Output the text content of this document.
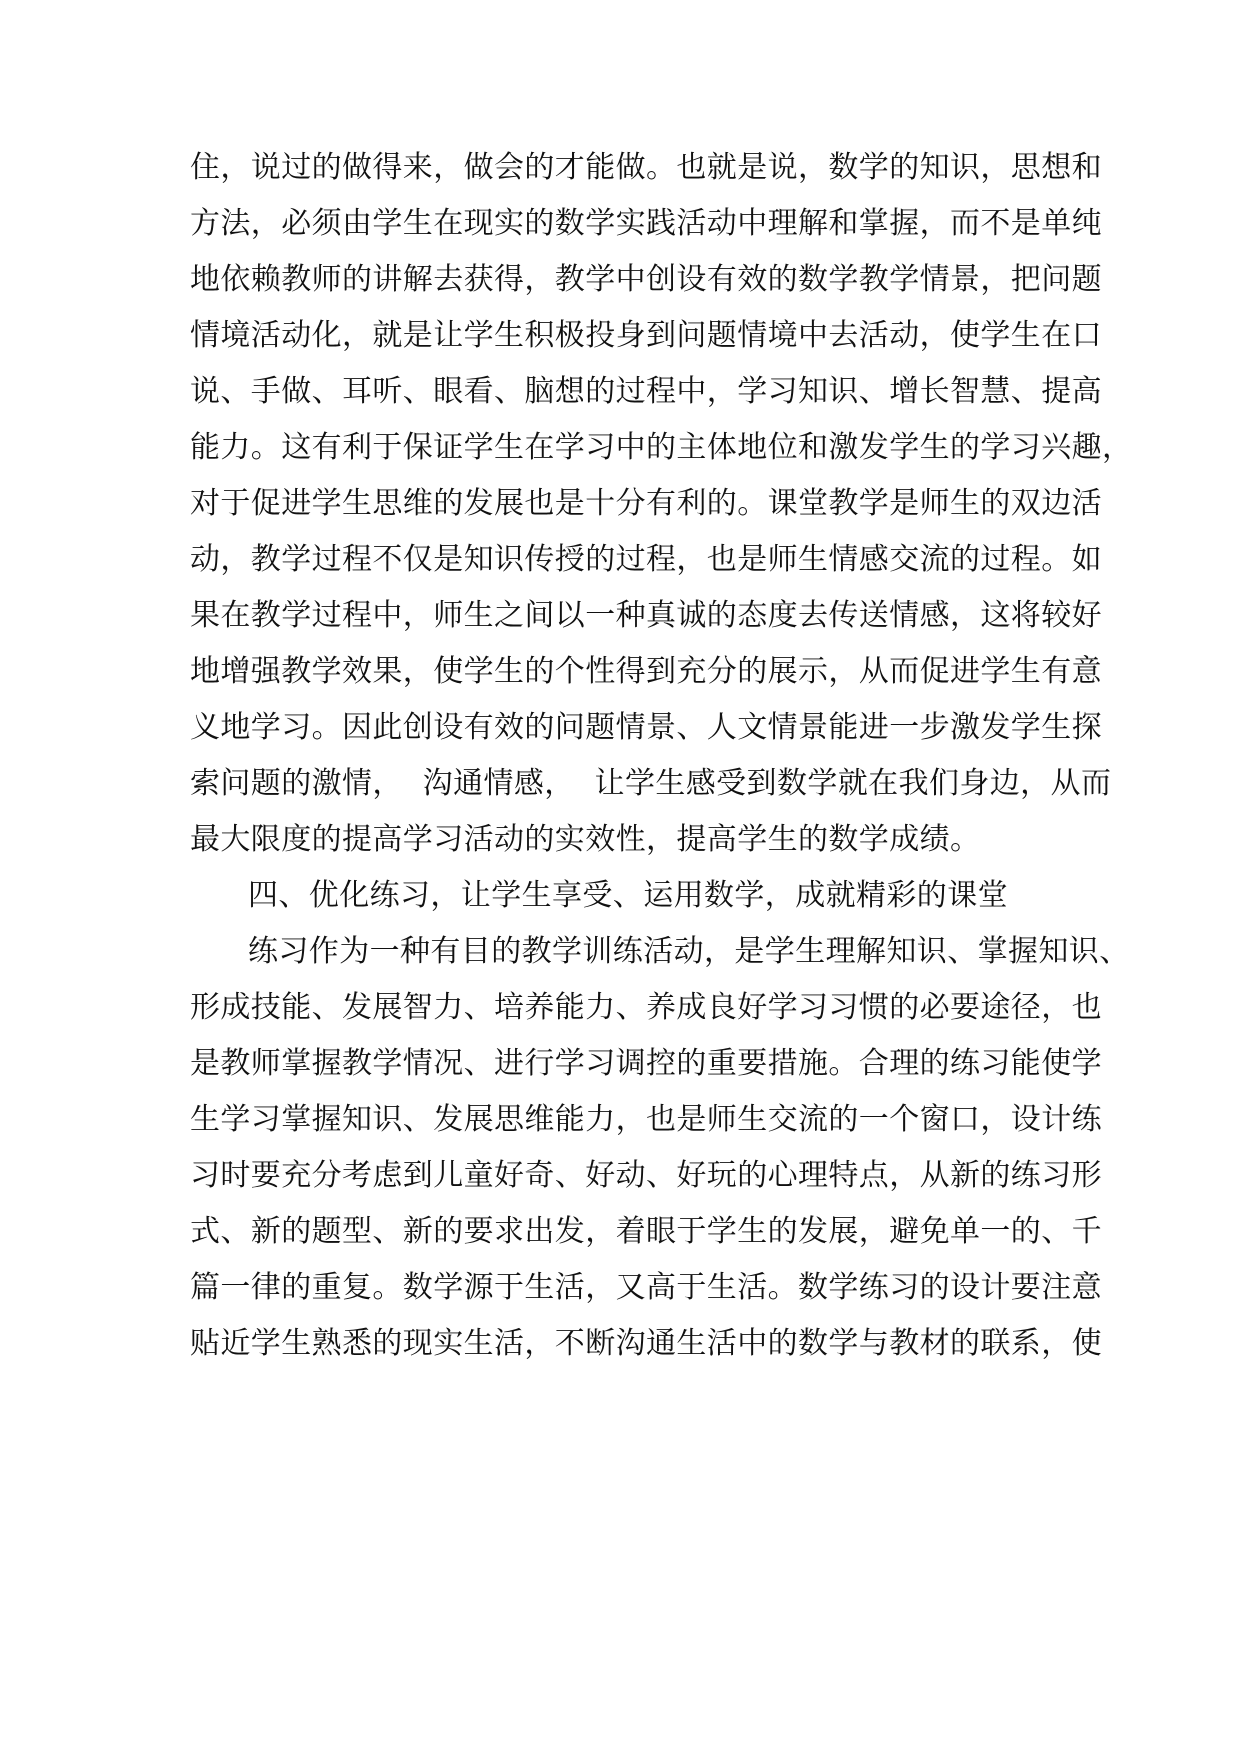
住，说过的做得来，做会的才能做。也就是说，数学的知识，思想和
方法，必须由学生在现实的数学实践活动中理解和掌握，而不是单纯
地依赖教师的讲解去获得，教学中创设有效的数学教学情景，把问题
情境活动化，就是让学生积极投身到问题情境中去活动，使学生在口
说、手做、耳听、眼看、脑想的过程中，学习知识、增长智慧、提高
能力。这有利于保证学生在学习中的主体地位和激发学生的学习兴趣，
对于促进学生思维的发展也是十分有利的。课堂教学是师生的双边活
动，教学过程不仅是知识传授的过程，也是师生情感交流的过程。如
果在教学过程中，师生之间以一种真诚的态度去传送情感，这将较好
地增强教学效果，使学生的个性得到充分的展示，从而促进学生有意
义地学习。因此创设有效的问题情景、人文情景能进一步激发学生探
索问题的激情，  沟通情感，  让学生感受到数学就在我们身边，从而
最大限度的提高学习活动的实效性，提高学生的数学成绩。
四、优化练习，让学生享受、运用数学，成就精彩的课堂
练习作为一种有目的教学训练活动，是学生理解知识、掌握知识、
形成技能、发展智力、培养能力、养成良好学习习惯的必要途径，也
是教师掌握教学情况、进行学习调控的重要措施。合理的练习能使学
生学习掌握知识、发展思维能力，也是师生交流的一个窗口，设计练
习时要充分考虑到儿童好奇、好动、好玩的心理特点，从新的练习形
式、新的题型、新的要求出发，着眼于学生的发展，避免单一的、千
篇一律的重复。数学源于生活，又高于生活。数学练习的设计要注意
贴近学生熟悉的现实生活，不断沟通生活中的数学与教材的联系，使
